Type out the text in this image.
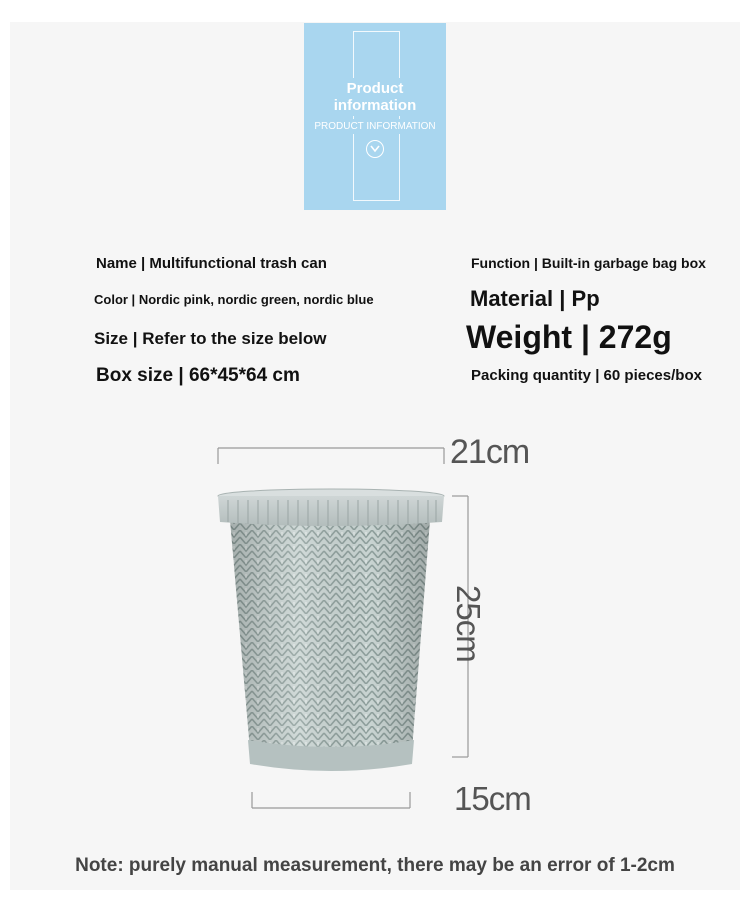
Product
information
PRODUCT INFORMATION
Name | Multifunctional trash can
Color | Nordic pink, nordic green, nordic blue
Size | Refer to the size below
Box size | 66*45*64 cm
Function | Built-in garbage bag box
Material | Pp
Weight | 272g
Packing quantity | 60 pieces/box
21cm
25cm
15cm
Note: purely manual measurement, there may be an error of 1-2cm
